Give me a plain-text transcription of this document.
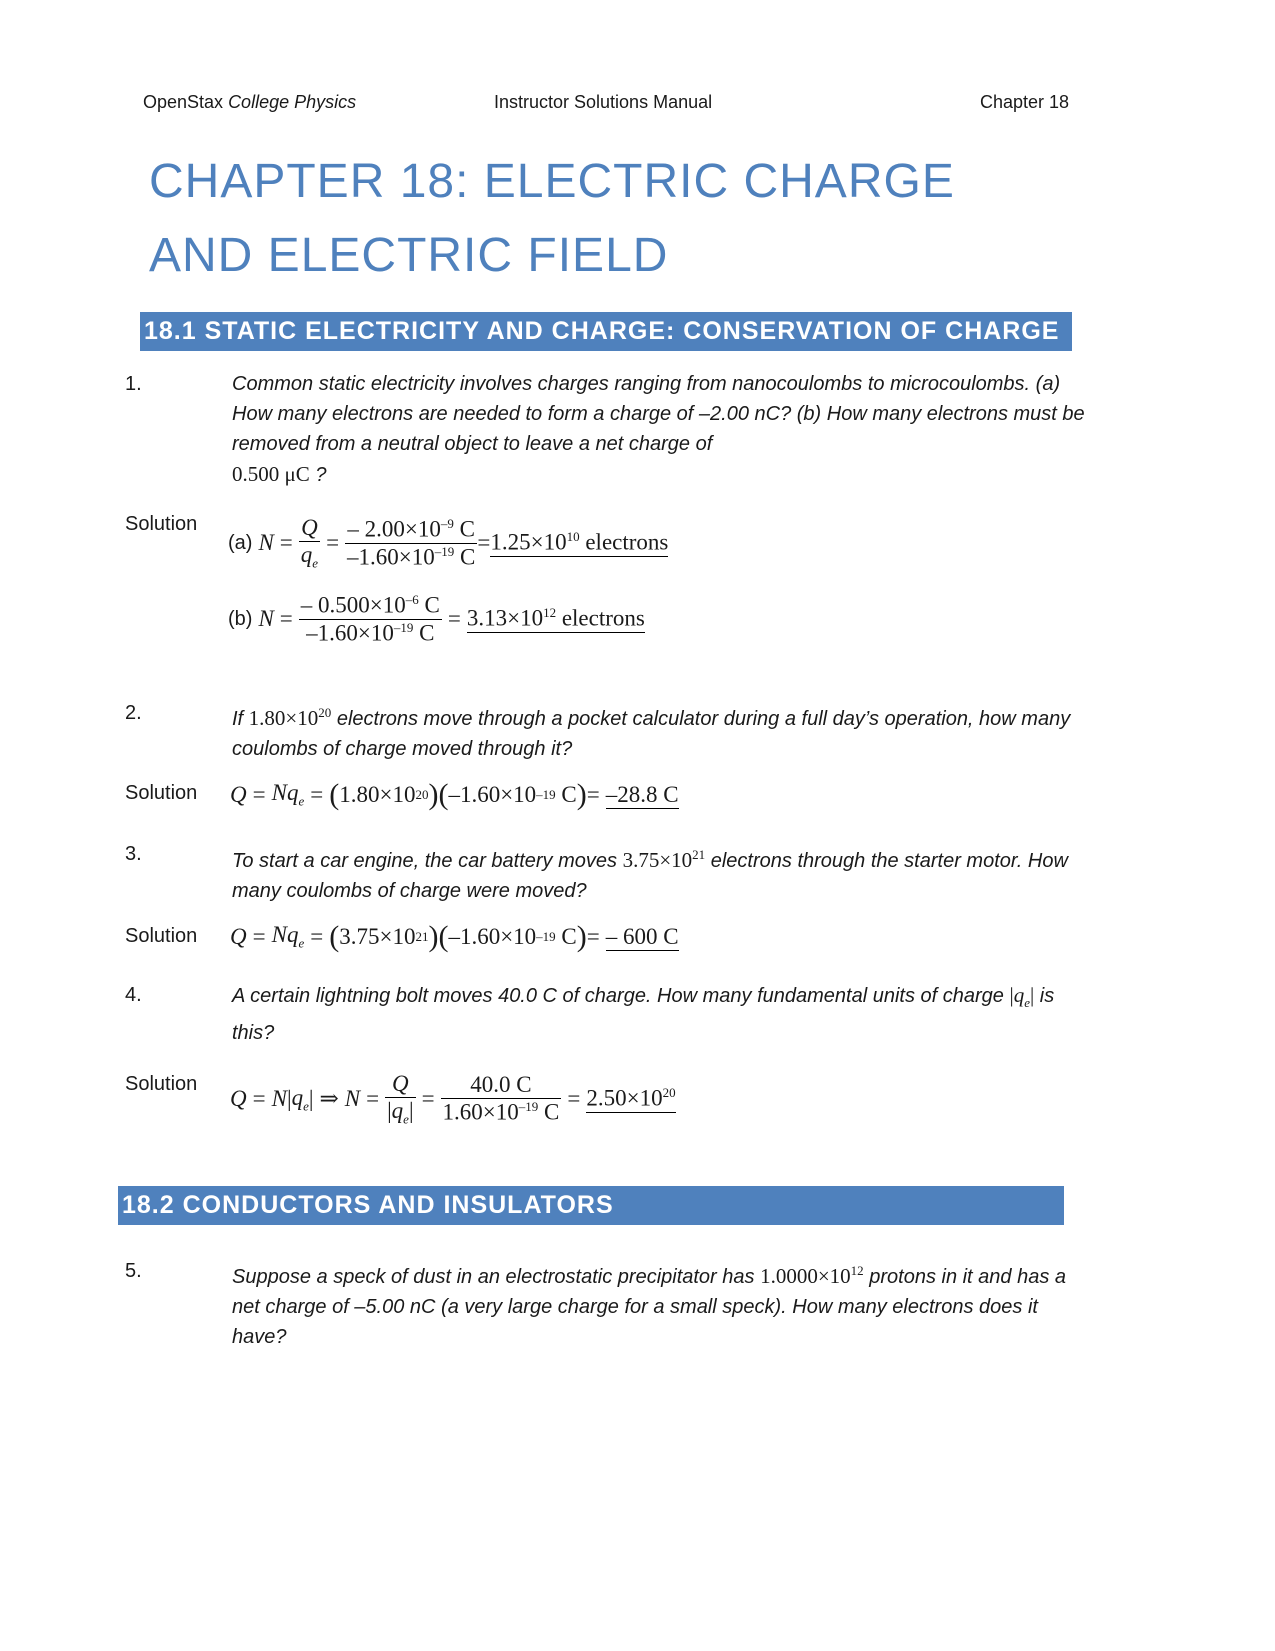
OpenStax College Physics	Instructor Solutions Manual	Chapter 18
CHAPTER 18: ELECTRIC CHARGE AND ELECTRIC FIELD
18.1 STATIC ELECTRICITY AND CHARGE: CONSERVATION OF CHARGE
1.	Common static electricity involves charges ranging from nanocoulombs to microcoulombs. (a) How many electrons are needed to form a charge of –2.00 nC? (b) How many electrons must be removed from a neutral object to leave a net charge of
0.500 μC ?
Solution
(a) $N = \frac{Q}{q_e} = \frac{- 2.00\times 10^{-9} C}{-1.60\times 10^{-19} C} = 1.25\times 10^{10}$ electrons
(b) $N = \frac{- 0.500\times 10^{-6} C}{-1.60\times 10^{-19} C} = 3.13\times 10^{12}$ electrons
2.	If $1.80\times 10^{20}$ electrons move through a pocket calculator during a full day’s operation, how many coulombs of charge moved through it?
Solution $Q = Nq_e$ = ( 1.80×10 20 )( –1.60×10 –19 C ) = –28.8 C
3.	To start a car engine, the car battery moves $3.75\times 10^{21}$ electrons through the starter motor. How many coulombs of charge were moved?
Solution $Q = Nq_e$ = ( 3.75×10 21 )( –1.60×10 –19 C ) = – 600 C
4.	A certain lightning bolt moves 40.0 C of charge. How many fundamental units of charge $|q_e|$ is this?
Solution
Q = N | $q_e$ | ⇒ $N = \frac{Q}{|q_e|} = \frac{40.0 C}{1.60\times 10^{-19} C} = 2.50\times 10^{20}$
18.2 CONDUCTORS AND INSULATORS
5.	Suppose a speck of dust in an electrostatic precipitator has $1.0000\times 10^{12}$ protons in it and has a net charge of –5.00 nC (a very large charge for a small speck). How many electrons does it have?
